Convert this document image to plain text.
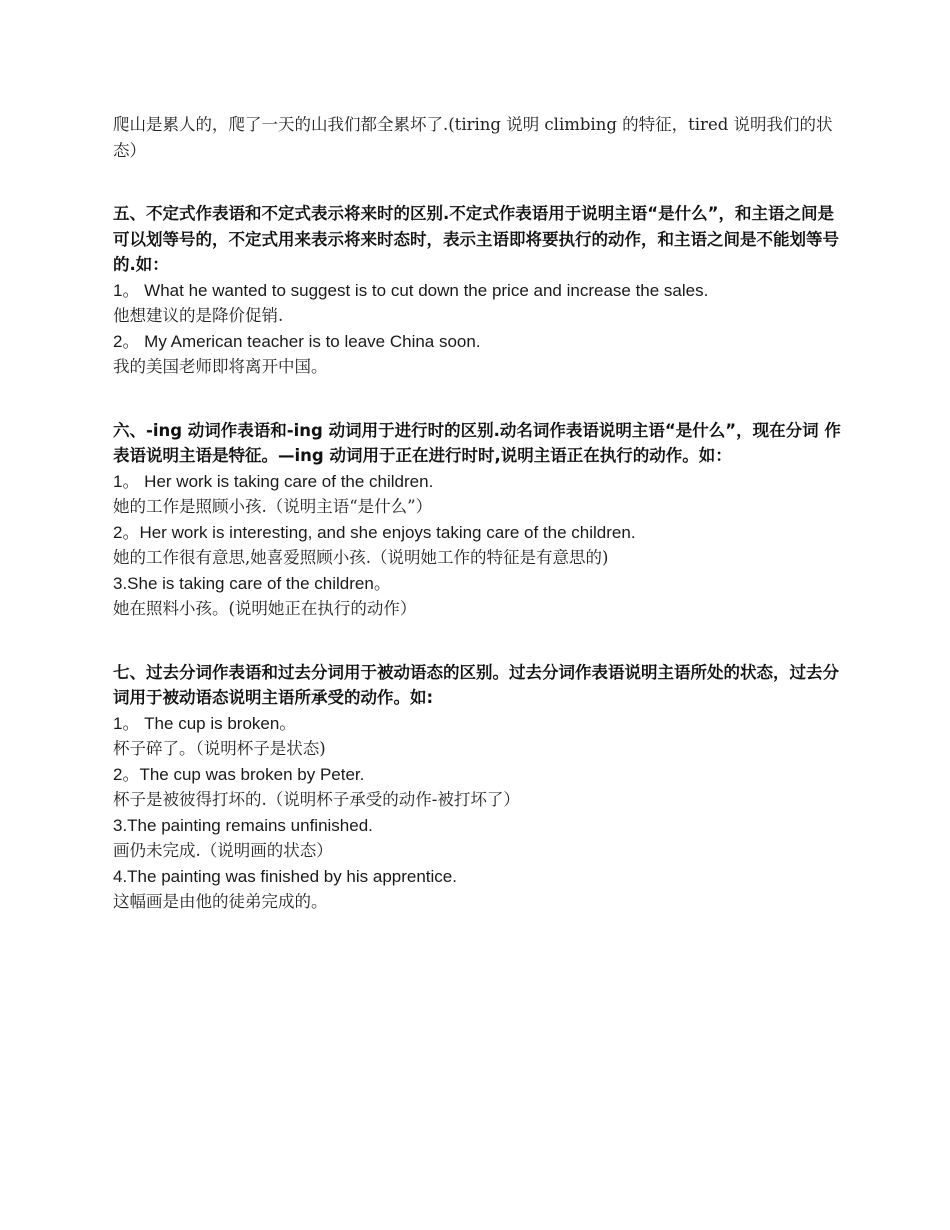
爬山是累人的，爬了一天的山我们都全累坏了.(tiring 说明 climbing 的特征，tired 说明我们的状态）

五、不定式作表语和不定式表示将来时的区别.不定式作表语用于说明主语“是什么”，和主语之间是可以划等号的，不定式用来表示将来时态时，表示主语即将要执行的动作，和主语之间是不能划等号的.如：

1。 What he wanted to suggest is to cut down the price and increase the sales.

他想建议的是降价促销.

2。 My American teacher is to leave China soon.

我的美国老师即将离开中国。

六、-ing 动词作表语和-ing 动词用于进行时的区别.动名词作表语说明主语“是什么”，现在分词 作表语说明主语是特征。—ing 动词用于正在进行时时,说明主语正在执行的动作。如：

1。 Her work is taking care of the children.

她的工作是照顾小孩.（说明主语“是什么”）

2。Her work is interesting, and she enjoys taking care of the children.

她的工作很有意思,她喜爱照顾小孩.（说明她工作的特征是有意思的)

3.She is taking care of the children。

她在照料小孩。(说明她正在执行的动作）

七、过去分词作表语和过去分词用于被动语态的区别。过去分词作表语说明主语所处的状态，过去分词用于被动语态说明主语所承受的动作。如:

1。 The cup is broken。

杯子碎了。（说明杯子是状态)

2。The cup was broken by Peter.

杯子是被彼得打坏的.（说明杯子承受的动作-被打坏了）

3.The painting remains unfinished.

画仍未完成.（说明画的状态）

4.The painting was finished by his apprentice.

这幅画是由他的徒弟完成的。
